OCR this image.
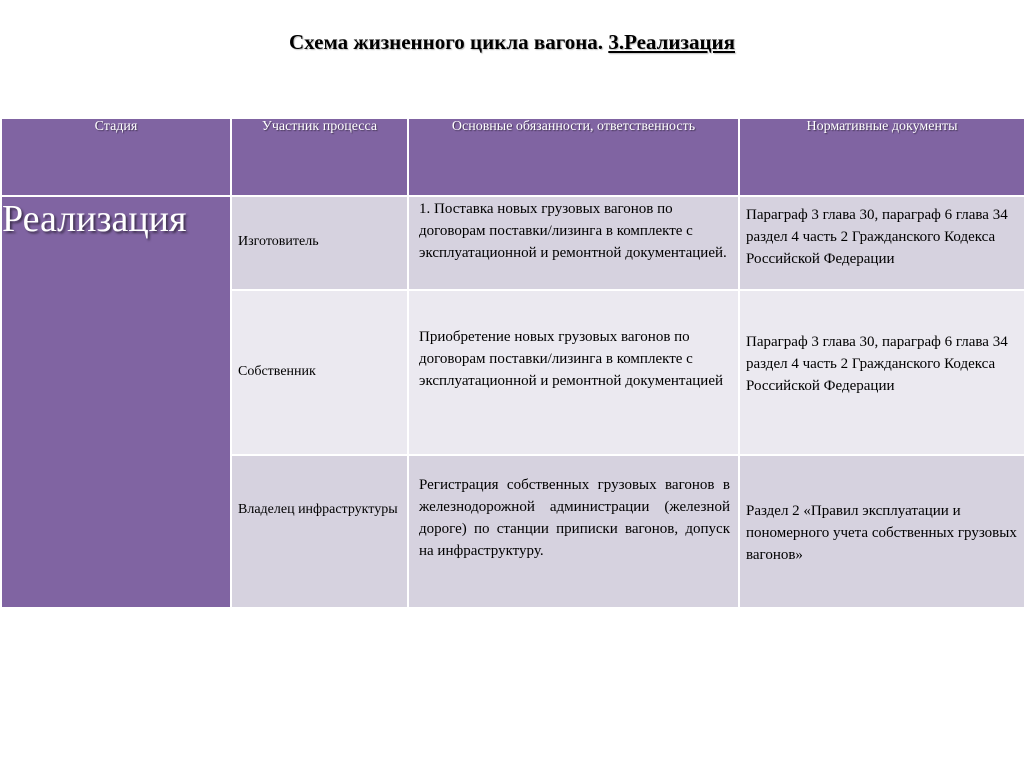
Схема жизненного цикла вагона. 3.Реализация
Стадия	Участник процесса	Основные обязанности, ответственность	Нормативные документы
Реализация	Изготовитель	1. Поставка новых грузовых вагонов по договорам поставки/лизинга в комплекте с эксплуатационной и ремонтной документацией.	Параграф 3 глава 30, параграф 6 глава 34 раздел 4 часть 2 Гражданского Кодекса Российской Федерации

	Собственник	Приобретение новых грузовых вагонов по договорам поставки/лизинга в комплекте с эксплуатационной и ремонтной документацией	Параграф 3 глава 30, параграф 6 глава 34 раздел 4 часть 2 Гражданского Кодекса Российской Федерации

	Владелец инфраструктуры	Регистрация собственных грузовых вагонов в железнодорожной администрации (железной дороге) по станции приписки вагонов, допуск на инфраструктуру.	Раздел 2 «Правил эксплуатации и пономерного учета собственных грузовых вагонов»
